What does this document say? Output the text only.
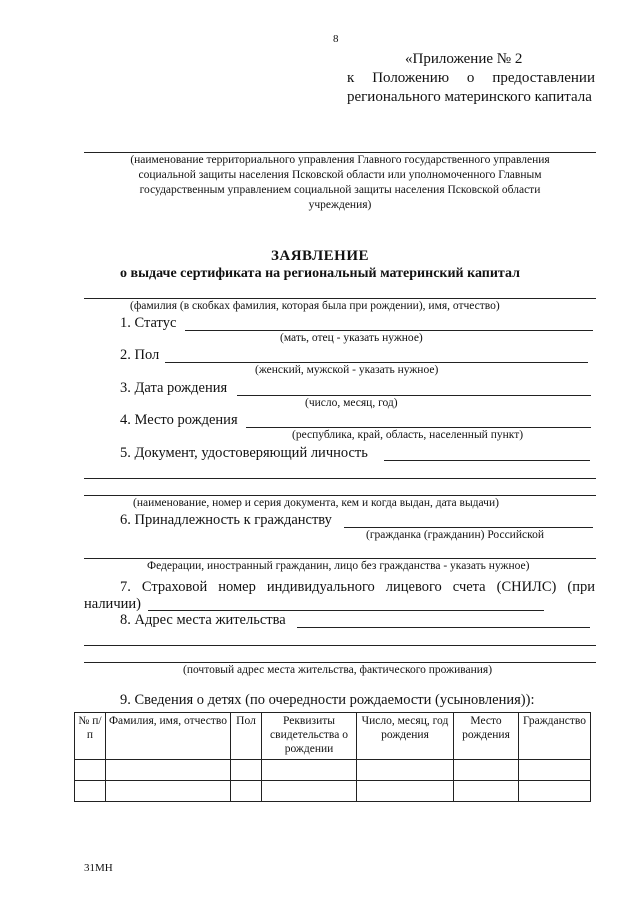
8
«Приложение № 2
к Положению о предоставлении
регионального материнского капитала
(наименование территориального управления Главного государственного управления
социальной защиты населения Псковской области или уполномоченного Главным
государственным управлением социальной защиты населения Псковской области
учреждения)
ЗАЯВЛЕНИЕ
о выдаче сертификата на региональный материнский капитал
(фамилия (в скобках фамилия, которая была при рождении), имя, отчество)
1. Статус
(мать, отец - указать нужное)
2. Пол
(женский, мужской - указать нужное)
3. Дата рождения
(число, месяц, год)
4. Место рождения
(республика, край, область, населенный пункт)
5. Документ, удостоверяющий личность
(наименование, номер и серия документа, кем и когда выдан, дата выдачи)
6. Принадлежность к гражданству
(гражданка (гражданин) Российской
Федерации, иностранный гражданин, лицо без гражданства - указать нужное)
7. Страховой номер индивидуального лицевого счета (СНИЛС) (при
наличии)
8. Адрес места жительства
(почтовый адрес места жительства, фактического проживания)
9. Сведения о детях (по очередности рождаемости (усыновления)):
№ п/п	Фамилия, имя, отчество	Пол	Реквизиты свидетельства о рождении	Число, месяц, год рождения	Место рождения	Гражданство

31МН
